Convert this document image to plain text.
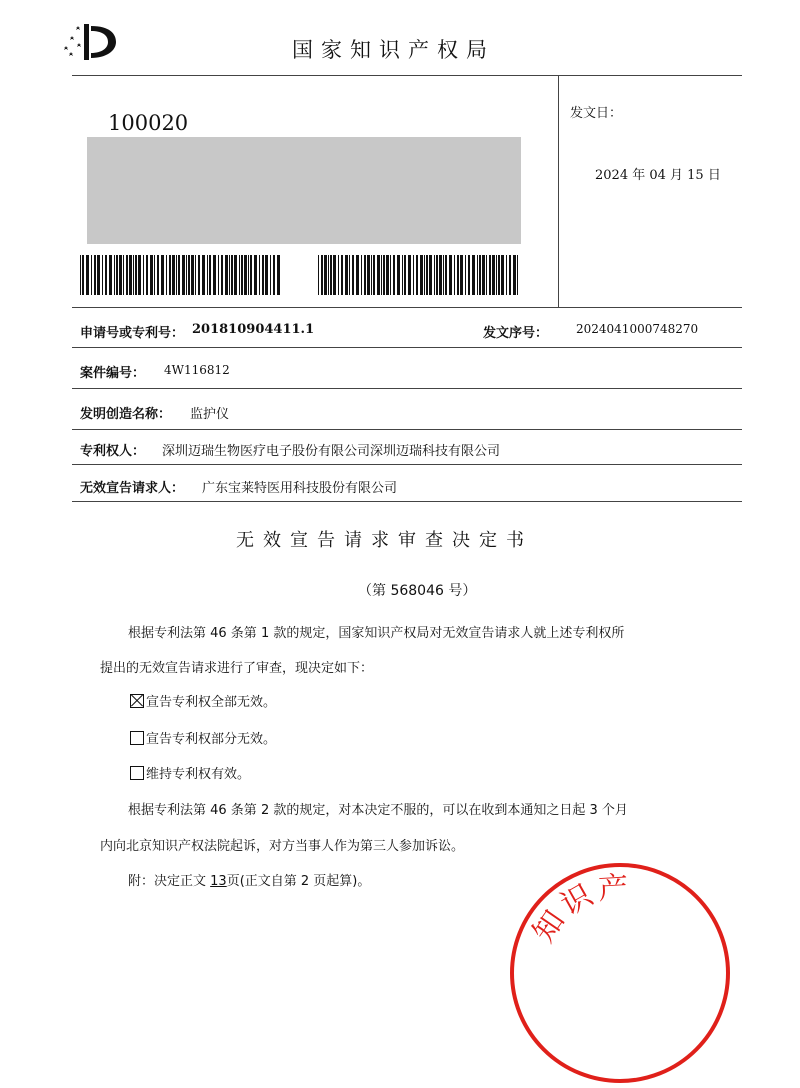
国家知识产权局
100020	发文日：
2024 年 04 月 15 日
申请号或专利号： 201810904411.1	发文序号： 2024041000748270
案件编号： 4W116812
发明创造名称： 监护仪
专利权人： 深圳迈瑞生物医疗电子股份有限公司深圳迈瑞科技有限公司
无效宣告请求人： 广东宝莱特医用科技股份有限公司
无效宣告请求审查决定书
（第 568046 号）
根据专利法第 46 条第 1 款的规定，国家知识产权局对无效宣告请求人就上述专利权所
提出的无效宣告请求进行了审查，现决定如下：
宣告专利权全部无效。
宣告专利权部分无效。
维持专利权有效。
根据专利法第 46 条第 2 款的规定，对本决定不服的，可以在收到本通知之日起 3 个月
内向北京知识产权法院起诉，对方当事人作为第三人参加诉讼。
附：决定正文 13页(正文自第 2 页起算)。
知识产
